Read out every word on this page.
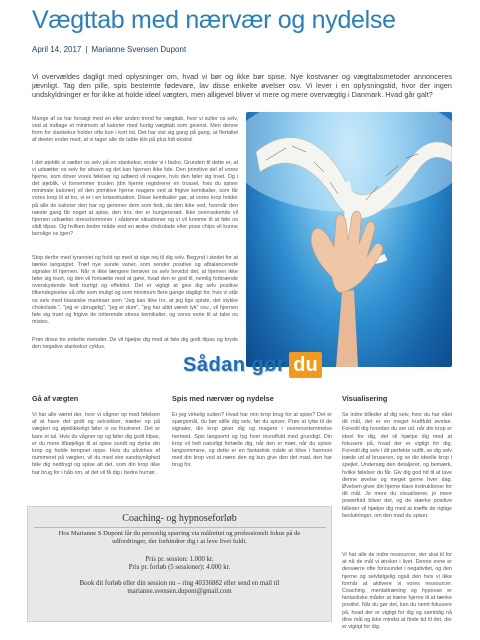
Vægttab med nærvær og nydelse
April 14, 2017 | Marianne Svensen Dupont

Vi overvældes dagligt med oplysninger om, hvad vi bør og ikke bør spise. Nye kostvaner og vægttabsmetoder annonceres jævnligt. Tag den pille, spis bestemte fødevare, lav disse enkelte øvelser osv. Vi lever i en oplysningstid, hvor der ingen undskyldninger er for ikke at holde ideel vægten, men alligevel bliver vi mere og mere overvægtig i Danmark. Hvad går galt?

Mange af os har forsøgt med en eller anden trend for vægttab, hvor vi sulter os selv, ved at indtage et minimum af kalorier med hurtig vægttab som gevinst. Men denne form for slankekur holder ofte kun i kort tid. Det har vist sig gang på gang, at flertallet af deeter ender med, at vi tager alle de tabte kilo på plus lidt ekstra!

I det øjeblik vi sætter os selv på en slankekur, ender vi i fasko. Grunden til dette er, at vi udsætter os selv for afsavn og det kan hjernen ikke lide. Den primitive del af vores hjerne, som driver vores følelser og adfærd vil reagere, hvis den føler sig truet. Og i det øjeblik, vi fornemmer truslen (din hjerne registrerer en trussel, hvis du spiser minimale kalorier) vil den primitive hjerne reagere ved at frigive kemikalier, som får vores krop til at tro, vi er i en krisesituation. Disse kemikalier gør, at vores krop holder på alle de kalorier den har og gemmer dem som fedt, da den ikke ved, hvornår den næste gang får noget at spise, den tror, der er hungersnød. Ikke overraskende vil hjernen udsætter stresshormoner i sådanne situationer og vi vil komme til at føle os slidt tilpas. Og hvilken bedre måde end en æske chokolade eller pose chips vil kunne berolige os igen?

Stop derfor med tyranniet og hold op med at sige nej til dig selv. Begynd i stedet for at tænke langsigtet. Træf nye sunde vaner, som sender positive og afbalancerede signaler til hjernen. Når vi ikke længere berøver os selv bevidst det, at hjernen ikke føler sig truet, og den vil fortsætte med at gøre, hvad den er god til, nemlig forbrænde overskydende fedt hurtigt og effektivt. Det er vigtigt at give dig selv positive tilkendegivelse så ofte som muligt og som minimum flere gange dagligt for, hvis vi står os selv med klassiske mantraer som "Jeg kan ikke tro, at jeg lige spiste, det stykke chokolade.", "jeg er ubrugelig", "jeg er dum", "jeg har altid været tyk" osv., vil hjernen føle sig truet og frigive de irriterende stress kemikalier, og vores evne til at tabe os mistes.

Prøv disse tre enkelte metoder. De vil hjælpe dig med at føle dig godt tilpas og bryde den negative slankekur cyklus.

Sådan gør du
Gå af vægten	Spis med nærvær og nydelse	Visualisering

Vi har alle været der, hvor vi vågner op med følelsen af at have det godt og selvsikker, træder op på vægten og øjeblikkeligt føler vi os frustreret. Det er bare et tal. Hvis du vågner op og føler dig godt tilpas, er du mere tilbøjelige til at spise sundt og dyrke din krop og holde tempoet oppe. Hvis du påvirkes af nummeret på vægten, vil du med stor sandsynlighed føle dig nedtrygt og spise alt det, som din krop ikke har brug for i håb om, at det vil få dig i bedre humør.

Er jeg virkelig sulten? Hvad har min krop brug for at spise? Det er spørgsmål, du bør stille dig selv, før du spiser. Prøv at lytte til de signaler, din krop giver dig og reagere i overensstemmelse hermed. Spis langsomt og tyg hver mundfuld med grundigt. Din krop vil helt naturligt fortælle dig, når den er mæt, når du spiser langsommere, og dette er en fantastisk måde at blive i harmoni med din krop ved at nære den og kun give den det mad, den har brug for.

Se indre billeder af dig selv, hvor du har nået dit mål, det er en meget kraftfuld øvelse. Forestil dig hvordan du ser ud, når din krop er ideel for dig, det vil hjælpe dig med at fokusere på, hvad der er vigtigt for dig. Forestil dig selv i dit perfekte outfit, se dig selv træde ud af bruseren, og se din ideelle krop i spejlet. Undersøg den detaljeret, og bemærk, hvilke følelser du får. Giv dig god tid til at lave denne øvelse og meget gerne hver dag. Øvelsen giver din hjerne klare instruktioner for dit mål. Jo mere du visualiserer, jo mere powerfuld bliver det, og de stærke positive billeder vil hjælpe dig med at træffe de rigtige beslutninger, om den mad du spiser.

Vi har alle de indre ressourcer, der skal til for at nå de mål vi ønsker i livet. Denne evne er desværre ofte forsvundet i negativitet, og den hjerne og selvfølgelig også den hvis vi ikke formår at aktivere vi vores ressourcer. Coaching, mentaltræning og hypnose er fantastiske måder at træne hjerne til at tænke positivt. Når du gør det, kan du nemt fokusere på, hvad der er vigtigt for dig og samtidig nå dine mål og ikke mindst at finde tid til det, der er vigtigt for dig.

Coaching- og hypnoseforløb
Hos Marianne S Dupont får du personlig sparring via målrettet og professionelt fokus på de udfordringer, der forhindrer dig i at leve livet fuldt.
Pris pr. session: 1.000 kr.
Pris pr. forløb (5 sessioner): 4.000 kr.
Book dit forløb eller din session nu – ring 40336882 eller send en mail til marianne.svensen.dupont@gmail.com
